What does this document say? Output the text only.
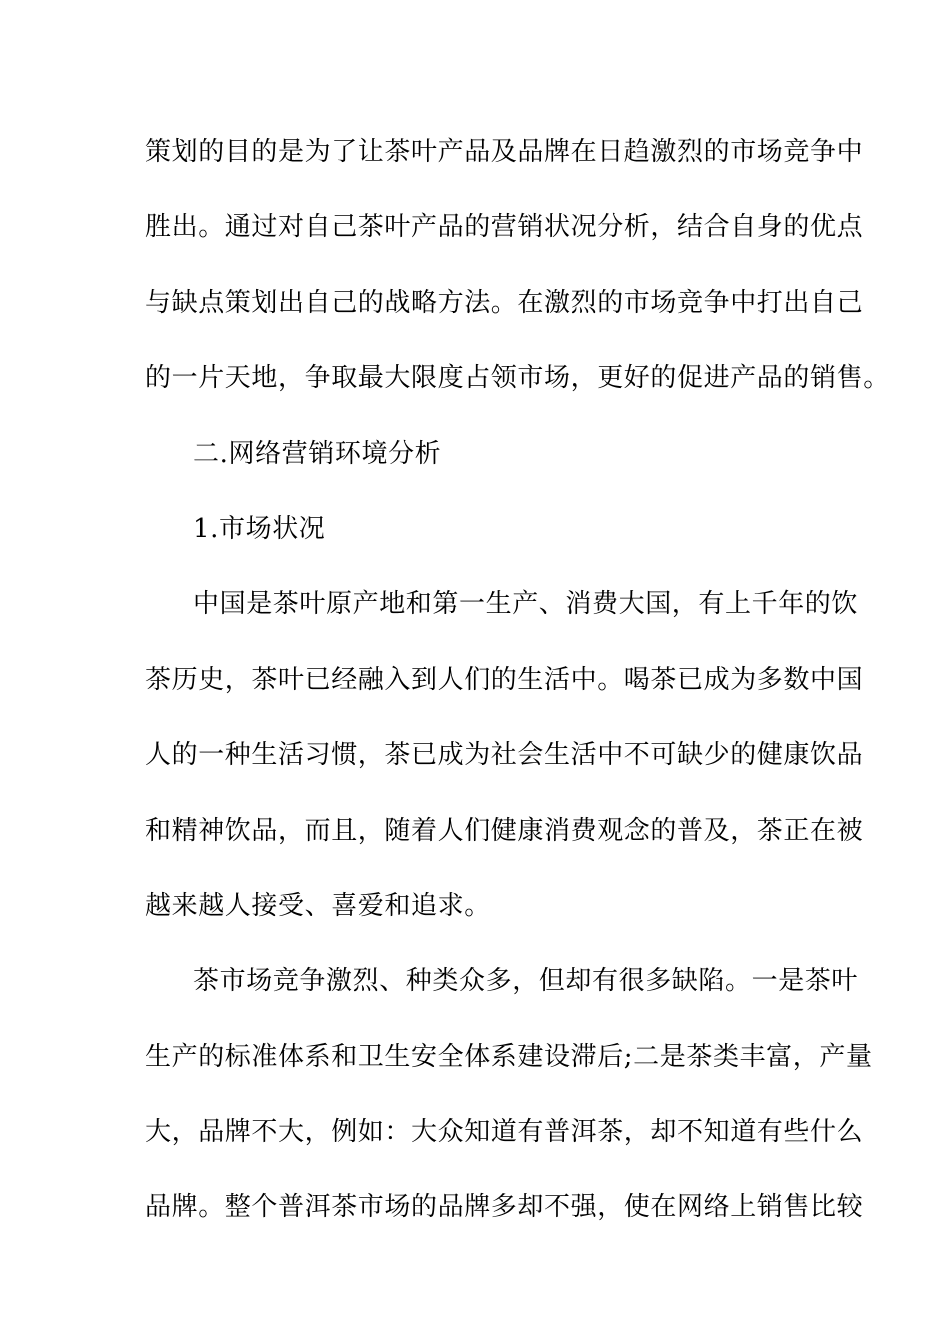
策划的目的是为了让茶叶产品及品牌在日趋激烈的市场竞争中
胜出。通过对自己茶叶产品的营销状况分析，结合自身的优点
与缺点策划出自己的战略方法。在激烈的市场竞争中打出自己
的一片天地，争取最大限度占领市场，更好的促进产品的销售。
二.网络营销环境分析
1.市场状况
中国是茶叶原产地和第一生产、消费大国，有上千年的饮
茶历史，茶叶已经融入到人们的生活中。喝茶已成为多数中国
人的一种生活习惯，茶已成为社会生活中不可缺少的健康饮品
和精神饮品，而且，随着人们健康消费观念的普及，茶正在被
越来越人接受、喜爱和追求。
茶市场竞争激烈、种类众多，但却有很多缺陷。一是茶叶
生产的标准体系和卫生安全体系建设滞后;二是茶类丰富，产量
大，品牌不大，例如：大众知道有普洱茶，却不知道有些什么
品牌。整个普洱茶市场的品牌多却不强，使在网络上销售比较
